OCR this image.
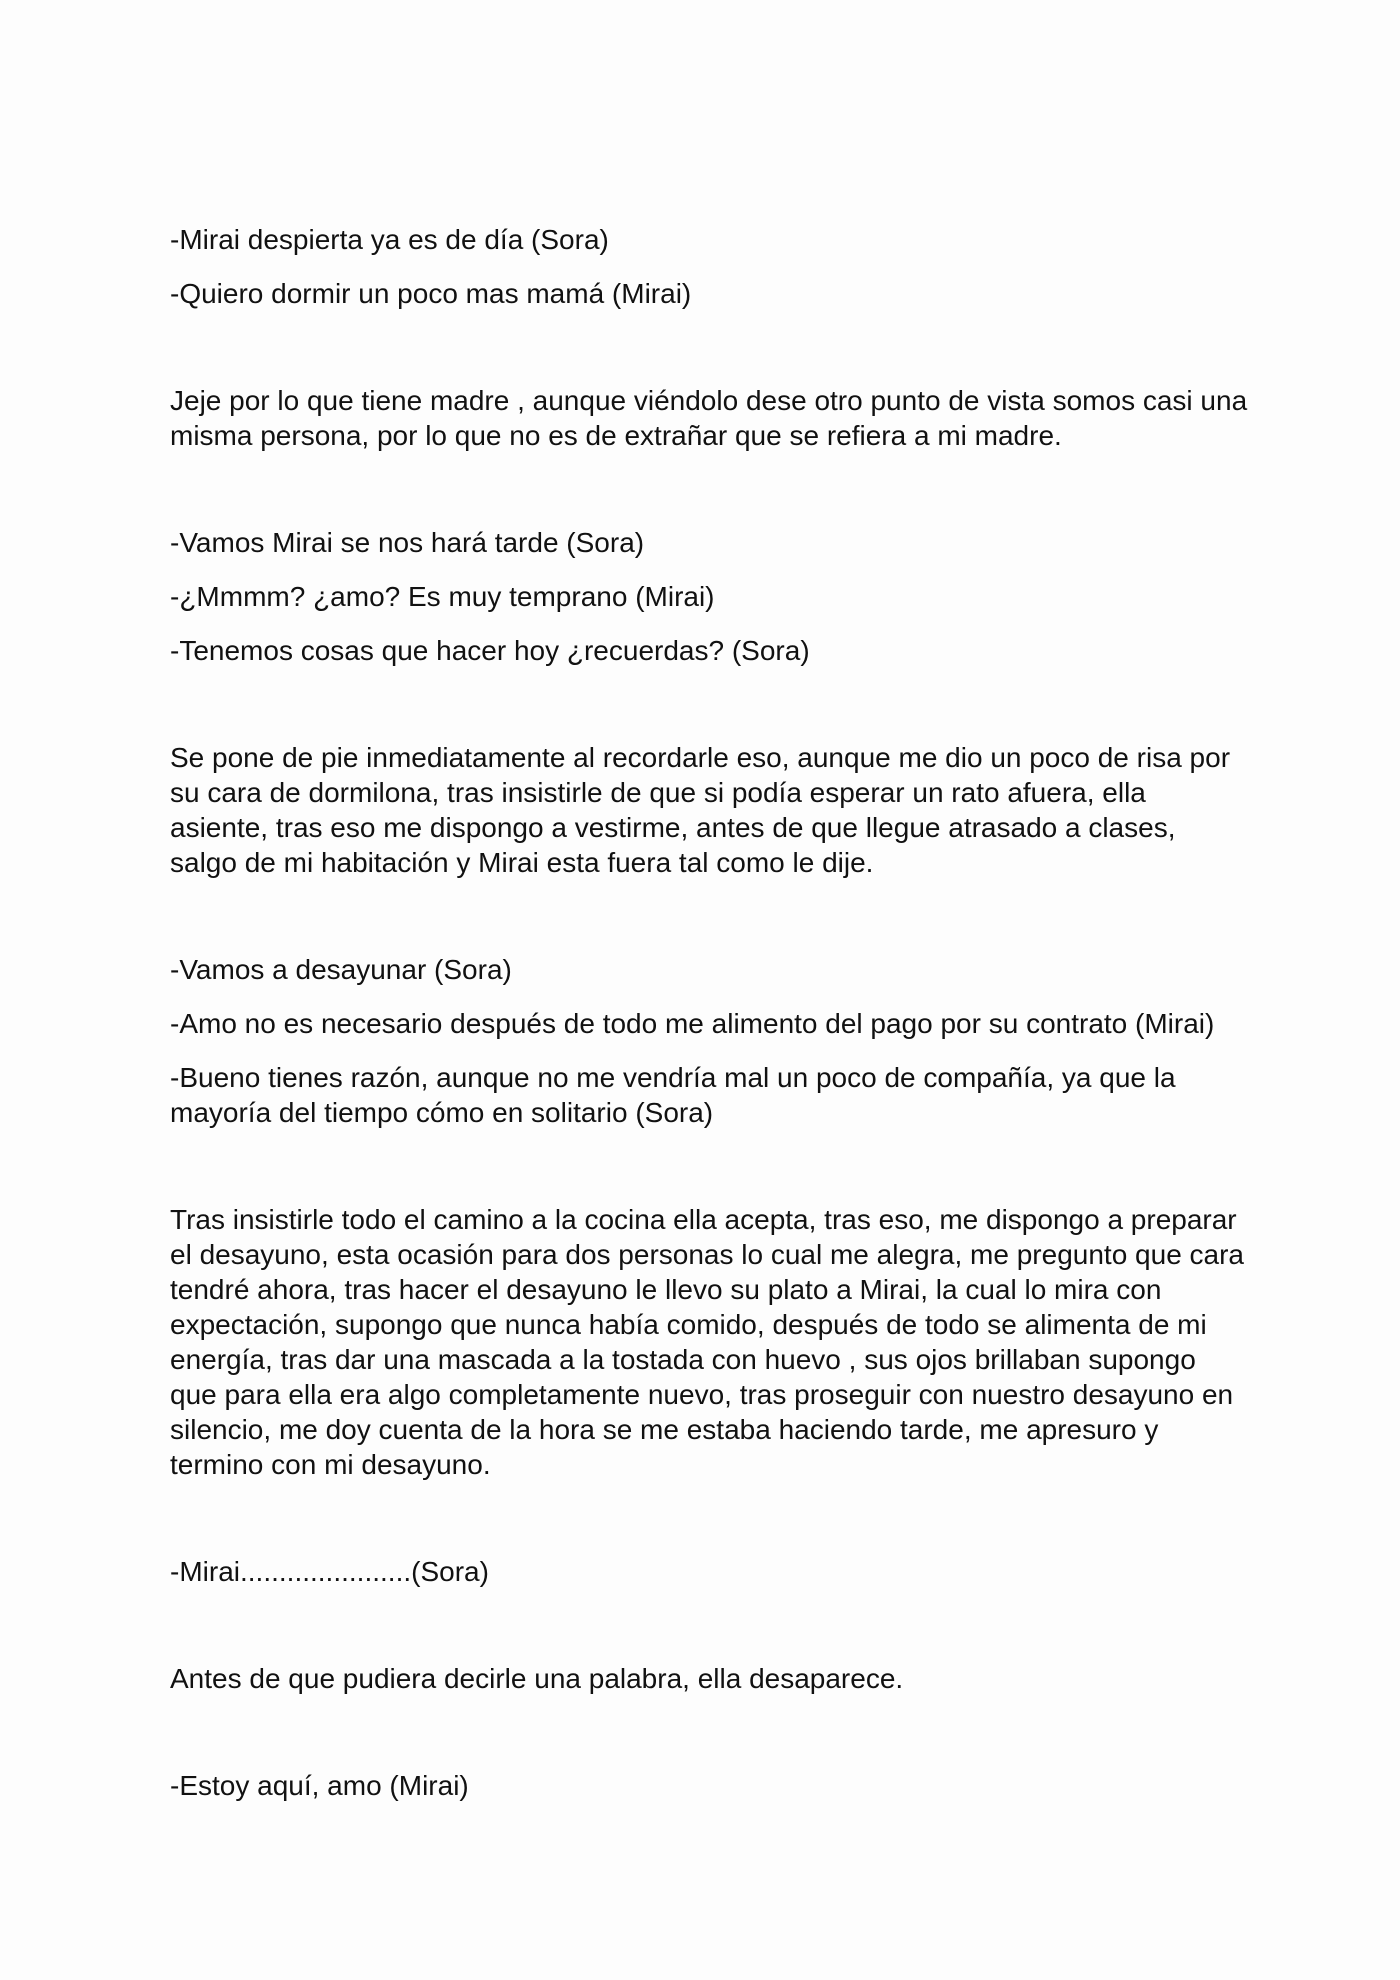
-Mirai despierta ya es de día (Sora)

-Quiero dormir un poco mas mamá (Mirai)

Jeje por lo que tiene madre , aunque viéndolo dese otro punto de vista somos casi una misma persona, por lo que no es de extrañar que se refiera a mi madre.

-Vamos Mirai se nos hará tarde (Sora)

-¿Mmmm? ¿amo? Es muy temprano (Mirai)

-Tenemos cosas que hacer hoy ¿recuerdas? (Sora)

Se pone de pie inmediatamente al recordarle eso, aunque me dio un poco de risa por su cara de dormilona, tras insistirle de que si podía esperar un rato afuera, ella asiente, tras eso me dispongo a vestirme, antes de que llegue atrasado a clases, salgo de mi habitación y Mirai esta fuera tal como le dije.

-Vamos a desayunar (Sora)

-Amo no es necesario después de todo me alimento del pago por su contrato (Mirai)

-Bueno tienes razón, aunque no me vendría mal un poco de compañía, ya que la mayoría del tiempo cómo en solitario (Sora)

Tras insistirle todo el camino a la cocina ella acepta, tras eso, me dispongo a preparar el desayuno, esta ocasión para dos personas lo cual me alegra, me pregunto que cara tendré ahora, tras hacer el desayuno le llevo su plato a Mirai, la cual lo mira con expectación, supongo que nunca había comido, después de todo se alimenta de mi energía, tras dar una mascada a la tostada con huevo , sus ojos brillaban supongo que para ella era algo completamente nuevo, tras proseguir con nuestro desayuno en silencio, me doy cuenta de la hora se me estaba haciendo tarde, me apresuro y termino con mi desayuno.

-Mirai......................(Sora)

Antes de que pudiera decirle una palabra, ella desaparece.

-Estoy aquí, amo (Mirai)
